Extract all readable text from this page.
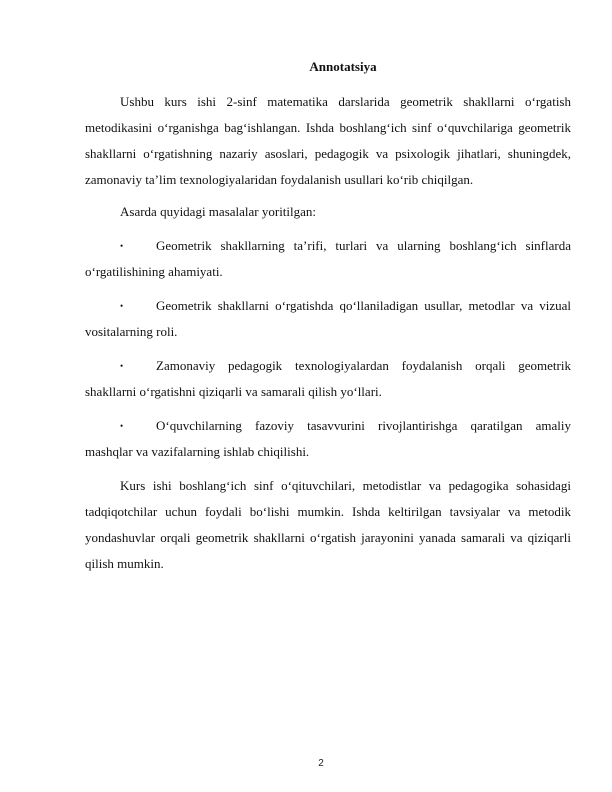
Annotatsiya

Ushbu kurs ishi 2-sinf matematika darslarida geometrik shakllarni o‘rgatish metodikasini o‘rganishga bag‘ishlangan. Ishda boshlang‘ich sinf o‘quvchilariga geometrik shakllarni o‘rgatishning nazariy asoslari, pedagogik va psixologik jihatlari, shuningdek, zamonaviy ta’lim texnologiyalaridan foydalanish usullari ko‘rib chiqilgan.

Asarda quyidagi masalalar yoritilgan:

•	Geometrik shakllarning ta’rifi, turlari va ularning boshlang‘ich sinflarda o‘rgatilishining ahamiyati.
•	Geometrik shakllarni o‘rgatishda qo‘llaniladigan usullar, metodlar va vizual vositalarning roli.
•	Zamonaviy pedagogik texnologiyalardan foydalanish orqali geometrik shakllarni o‘rgatishni qiziqarli va samarali qilish yo‘llari.
•	O‘quvchilarning fazoviy tasavvurini rivojlantirishga qaratilgan amaliy mashqlar va vazifalarning ishlab chiqilishi.

Kurs ishi boshlang‘ich sinf o‘qituvchilari, metodistlar va pedagogika sohasidagi tadqiqotchilar uchun foydali bo‘lishi mumkin. Ishda keltirilgan tavsiyalar va metodik yondashuvlar orqali geometrik shakllarni o‘rgatish jarayonini yanada samarali va qiziqarli qilish mumkin.

2
